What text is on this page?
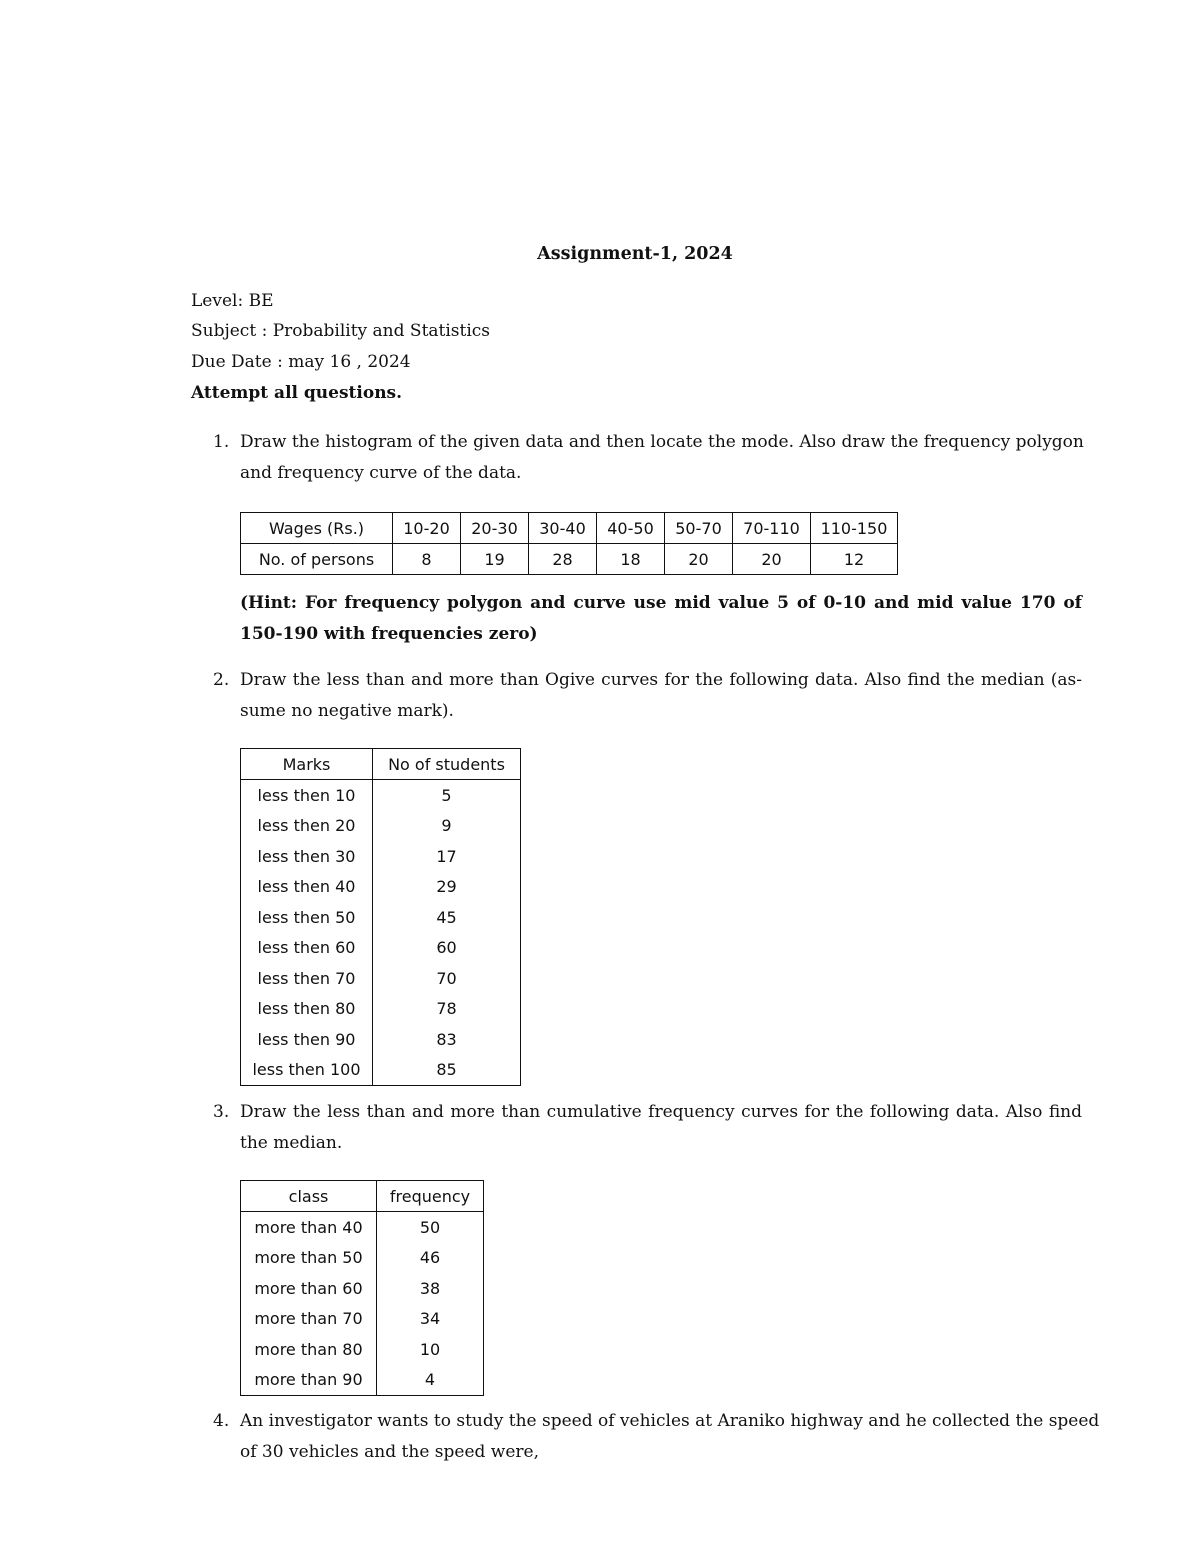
Assignment-1, 2024
Level: BE
Subject : Probability and Statistics
Due Date : may 16 , 2024
Attempt all questions.
1. Draw the histogram of the given data and then locate the mode. Also draw the frequency polygon
and frequency curve of the data.
Wages (Rs.)	10-20	20-30	30-40	40-50	50-70	70-110	110-150
No. of persons	8	19	28	18	20	20	12
(Hint: For frequency polygon and curve use mid value 5 of 0-10 and mid value 170 of
150-190 with frequencies zero)
2. Draw the less than and more than Ogive curves for the following data. Also find the median (as-
sume no negative mark).
Marks	No of students
less then 10	5
less then 20	9
less then 30	17
less then 40	29
less then 50	45
less then 60	60
less then 70	70
less then 80	78
less then 90	83
less then 100	85
3. Draw the less than and more than cumulative frequency curves for the following data. Also find
the median.
class	frequency
more than 40	50
more than 50	46
more than 60	38
more than 70	34
more than 80	10
more than 90	4
4. An investigator wants to study the speed of vehicles at Araniko highway and he collected the speed
of 30 vehicles and the speed were,
